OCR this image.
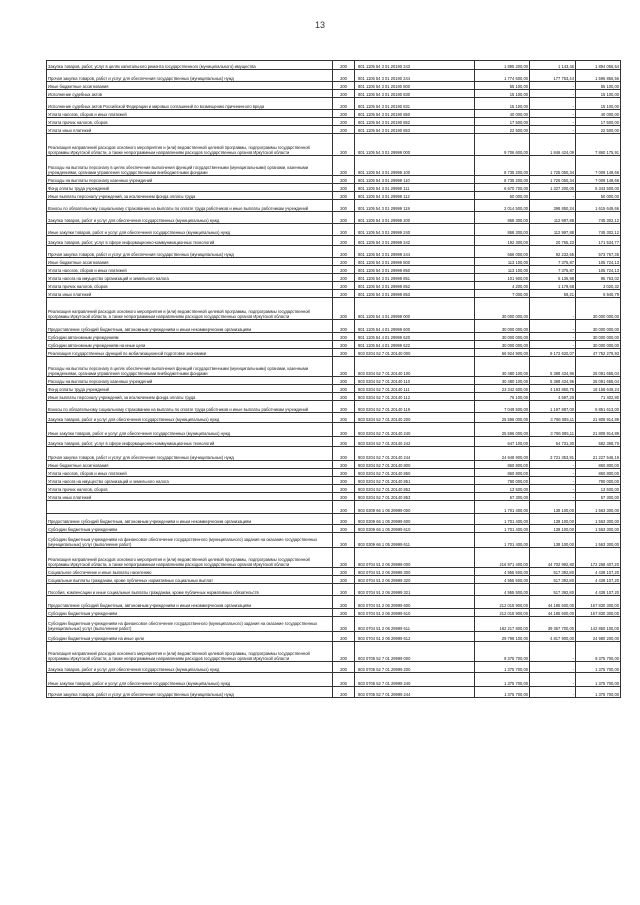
13
Закупка товаров, работ, услуг в целях капитального ремонта государственного (муниципального) имущества	200	801 1105 54 3 01 20190 243	1 895 200,00	1 143,46	1 894 056,54
Прочая закупка товаров, работ и услуг для обеспечения государственных (муниципальных) нужд	200	801 1105 54 3 01 20190 244	1 774 600,00	177 753,44	1 596 856,56
Иные бюджетные ассигнования	200	801 1105 54 3 01 20190 800	55 100,00	-	55 100,00
Исполнение судебных актов	200	801 1105 54 3 01 20190 830	15 100,00	-	15 100,00
Исполнение судебных актов Российской Федерации и мировых соглашений по возмещению причиненного вреда	200	801 1105 54 3 01 20190 831	15 100,00	-	15 100,00
Уплата налогов, сборов и иных платежей	200	801 1105 54 3 01 20190 850	40 000,00	-	40 000,00
Уплата прочих налогов, сборов	200	801 1105 54 3 01 20190 852	17 500,00	-	17 500,00
Уплата иных платежей	200	801 1105 54 3 01 20190 853	22 500,00	-	22 500,00
Реализация направлений расходов основного мероприятия и (или) ведомственной целевой программы, подпрограммы государственной программы Иркутской области, а также непрограммным направлениям расходов государственных органов Иркутской области	200	801 1105 54 3 01 29999 000	9 706 600,00	1 846 424,09	7 860 175,91
Расходы на выплаты персоналу в целях обеспечения выполнения функций государственными (муниципальными) органами, казенными учреждениями, органами управления государственными внебюджетными фондами	200	801 1105 54 3 01 29999 100	8 735 200,00	1 725 050,34	7 009 149,66
Расходы на выплаты персоналу казенных учреждений	200	801 1105 54 3 01 29999 110	8 735 200,00	1 726 050,34	7 009 149,66
Фонд оплаты труда учреждений	200	801 1105 54 3 01 29999 111	6 670 700,00	1 327 200,00	5 343 500,00
Иные выплаты персоналу учреждений, за исключением фонда оплаты труда	200	801 1105 54 3 01 29999 112	50 000,00	-	50 000,00
Взносы по обязательному социальному страхованию на выплаты по оплате труда работников и иные выплаты работникам учреждений	200	801 1105 54 3 01 29999 119	2 014 500,00	398 850,34	1 615 649,66
Закупка товаров, работ и услуг для обеспечения государственных (муниципальных) нужд	200	801 1105 54 3 01 29999 200	858 300,00	112 997,88	745 302,12
Иные закупки товаров, работ и услуг для обеспечения государственных (муниципальных) нужд	200	801 1105 54 3 01 29999 240	858 300,00	112 997,88	745 302,12
Закупка товаров, работ, услуг в сфере информационно-коммуникационных технологий	200	801 1105 54 3 01 29999 242	192 300,00	20 765,23	171 534,77
Прочая закупка товаров, работ и услуг для обеспечения государственных (муниципальных) нужд	200	801 1105 54 3 01 29999 244	666 000,00	92 232,65	573 767,35
Иные бюджетные ассигнования	200	801 1105 54 3 01 29999 800	113 100,00	7 375,87	105 724,13
Уплата налогов, сборов и иных платежей	200	801 1105 54 3 01 29999 850	113 100,00	7 375,87	105 724,13
Уплата налога на имущество организаций и земельного налога	200	801 1105 54 3 01 29999 851	101 900,00	6 136,98	95 763,02
Уплата прочих налогов, сборов	200	801 1105 54 3 01 29999 852	4 200,00	1 179,68	3 020,32
Уплата иных платежей	200	801 1105 54 3 01 29999 853	7 000,00	59,21	6 940,79
Реализация направлений расходов основного мероприятия и (или) ведомственной целевой программы, подпрограммы государственной программы Иркутской области, а также непрограммным направлениям расходов государственных органов Иркутской области	200	801 1105 54 4 01 29999 000	30 000 000,00	-	30 000 000,00
Предоставление субсидий бюджетным, автономным учреждениям и иным некоммерческим организациям	200	801 1105 54 4 01 29999 600	30 000 000,00	-	30 000 000,00
Субсидии автономным учреждениям	200	801 1105 54 4 01 29999 620	30 000 000,00	-	30 000 000,00
Субсидии автономным учреждениям на иные цели	200	801 1105 54 4 01 29999 622	30 000 000,00	-	30 000 000,00
Реализация государственных функций по мобилизационной подготовке экономики	200	803 0204 52 7 01 20140 000	56 924 900,00	9 172 620,07	47 752 279,93
Расходы на выплаты персоналу в целях обеспечения выполнения функций государственными (муниципальными) органами, казенными учреждениями, органами управления государственными внебюджетными фондами	200	803 0204 52 7 01 20140 100	30 480 100,00	5 388 434,96	25 091 665,04
Расходы на выплаты персоналу казенных учреждений	200	803 0204 52 7 01 20140 110	30 480 100,00	5 388 434,96	25 091 665,04
Фонд оплаты труда учреждений	200	803 0204 52 7 01 20140 111	23 342 500,00	4 183 850,75	19 158 649,24
Иные выплаты персоналу учреждений, за исключением фонда оплаты труда	200	803 0204 52 7 01 20140 112	76 100,00	4 697,20	71 402,80
Взносы по обязательному социальному страхованию на выплаты по оплате труда работников и иные выплаты работникам учреждений	200	803 0204 52 7 01 20140 119	7 049 500,00	1 197 887,00	5 851 613,00
Закупка товаров, работ и услуг для обеспечения государственных (муниципальных) нужд	200	803 0204 52 7 01 20140 200	25 596 000,00	3 786 085,11	21 809 914,89
Иные закупки товаров, работ и услуг для обеспечения государственных (муниципальных) нужд	200	803 0204 52 7 01 20140 240	25 596 000,00	3 786 085,11	21 809 914,89
Закупка товаров, работ, услуг в сфере информационно-коммуникационных технологий	200	803 0204 52 7 01 20140 242	647 100,00	64 731,30	582 368,70
Прочая закупка товаров, работ и услуг для обеспечения государственных (муниципальных) нужд	200	803 0204 52 7 01 20140 244	24 948 900,00	3 721 353,81	21 227 546,19
Иные бюджетные ассигнования	200	803 0204 52 7 01 20140 800	860 800,00	-	860 800,00
Уплата налогов, сборов и иных платежей	200	803 0204 52 7 01 20140 850	860 800,00	-	860 800,00
Уплата налога на имущество организаций и земельного налога	200	803 0204 52 7 01 20140 851	790 000,00	-	790 000,00
Уплата прочих налогов, сборов	200	803 0204 52 7 01 20140 852	13 500,00	-	13 500,00
Уплата иных платежей	200	803 0204 52 7 01 20140 853	57 300,00	-	57 300,00
	200	803 0309 66 1 05 29999 000	1 701 400,00	138 100,00	1 563 300,00
Предоставление субсидий бюджетным, автономным учреждениям и иным некоммерческим организациям	200	803 0309 66 1 05 29999 600	1 701 400,00	138 100,00	1 563 300,00
Субсидии бюджетным учреждениям	200	803 0309 66 1 05 29999 610	1 701 400,00	138 100,00	1 563 300,00
Субсидии бюджетным учреждениям на финансовое обеспечение государственного (муниципального) задания на оказание государственных (муниципальных) услуг (выполнение работ)	200	803 0309 66 1 05 29999 611	1 701 400,00	138 100,00	1 563 300,00
Реализация направлений расходов основного мероприятия и (или) ведомственной целевой программы, подпрограммы государственной программы Иркутской области, а также непрограммным направлениям расходов государственных органов Иркутской области	200	803 0704 51 2 06 29999 000	216 971 400,00	44 702 992,80	172 268 407,20
Социальное обеспечение и иные выплаты населению	200	803 0704 51 2 06 29999 300	4 955 500,00	517 392,80	4 438 107,20
Социальные выплаты гражданам, кроме публичных нормативных социальных выплат	200	803 0704 51 2 06 29999 320	4 955 500,00	517 392,80	4 438 107,20
Пособия, компенсации и иные социальные выплаты гражданам, кроме публичных нормативных обязательств	200	803 0704 51 2 06 29999 321	4 955 500,00	517 392,80	4 438 107,20
Предоставление субсидий бюджетным, автономным учреждениям и иным некоммерческим организациям	200	803 0704 51 2 06 29999 600	212 015 900,00	44 185 600,00	167 830 300,00
Субсидии бюджетным учреждениям	200	803 0704 51 2 06 29999 610	212 015 900,00	44 185 600,00	167 830 300,00
Субсидии бюджетным учреждениям на финансовое обеспечение государственного (муниципального) задания на оказание государственных (муниципальных) услуг (выполнение работ)	200	803 0704 51 2 06 29999 611	182 217 800,00	39 367 700,00	142 850 100,00
Субсидии бюджетным учреждениям на иные цели	200	803 0704 51 2 06 29999 612	29 798 100,00	4 817 900,00	24 980 200,00
Реализация направлений расходов основного мероприятия и (или) ведомственной целевой программы, подпрограммы государственной программы Иркутской области, а также непрограммным направлениям расходов государственных органов Иркутской области	200	803 0705 52 7 01 29999 000	9 375 700,00	-	9 375 700,00
Закупка товаров, работ и услуг для обеспечения государственных (муниципальных) нужд	200	803 0705 52 7 01 29999 200	1 375 700,00	-	1 375 700,00
Иные закупки товаров, работ и услуг для обеспечения государственных (муниципальных) нужд	200	803 0705 52 7 01 29999 240	1 375 700,00	-	1 375 700,00
Прочая закупка товаров, работ и услуг для обеспечения государственных (муниципальных) нужд	200	803 0705 52 7 01 29999 244	1 375 700,00	-	1 375 700,00
